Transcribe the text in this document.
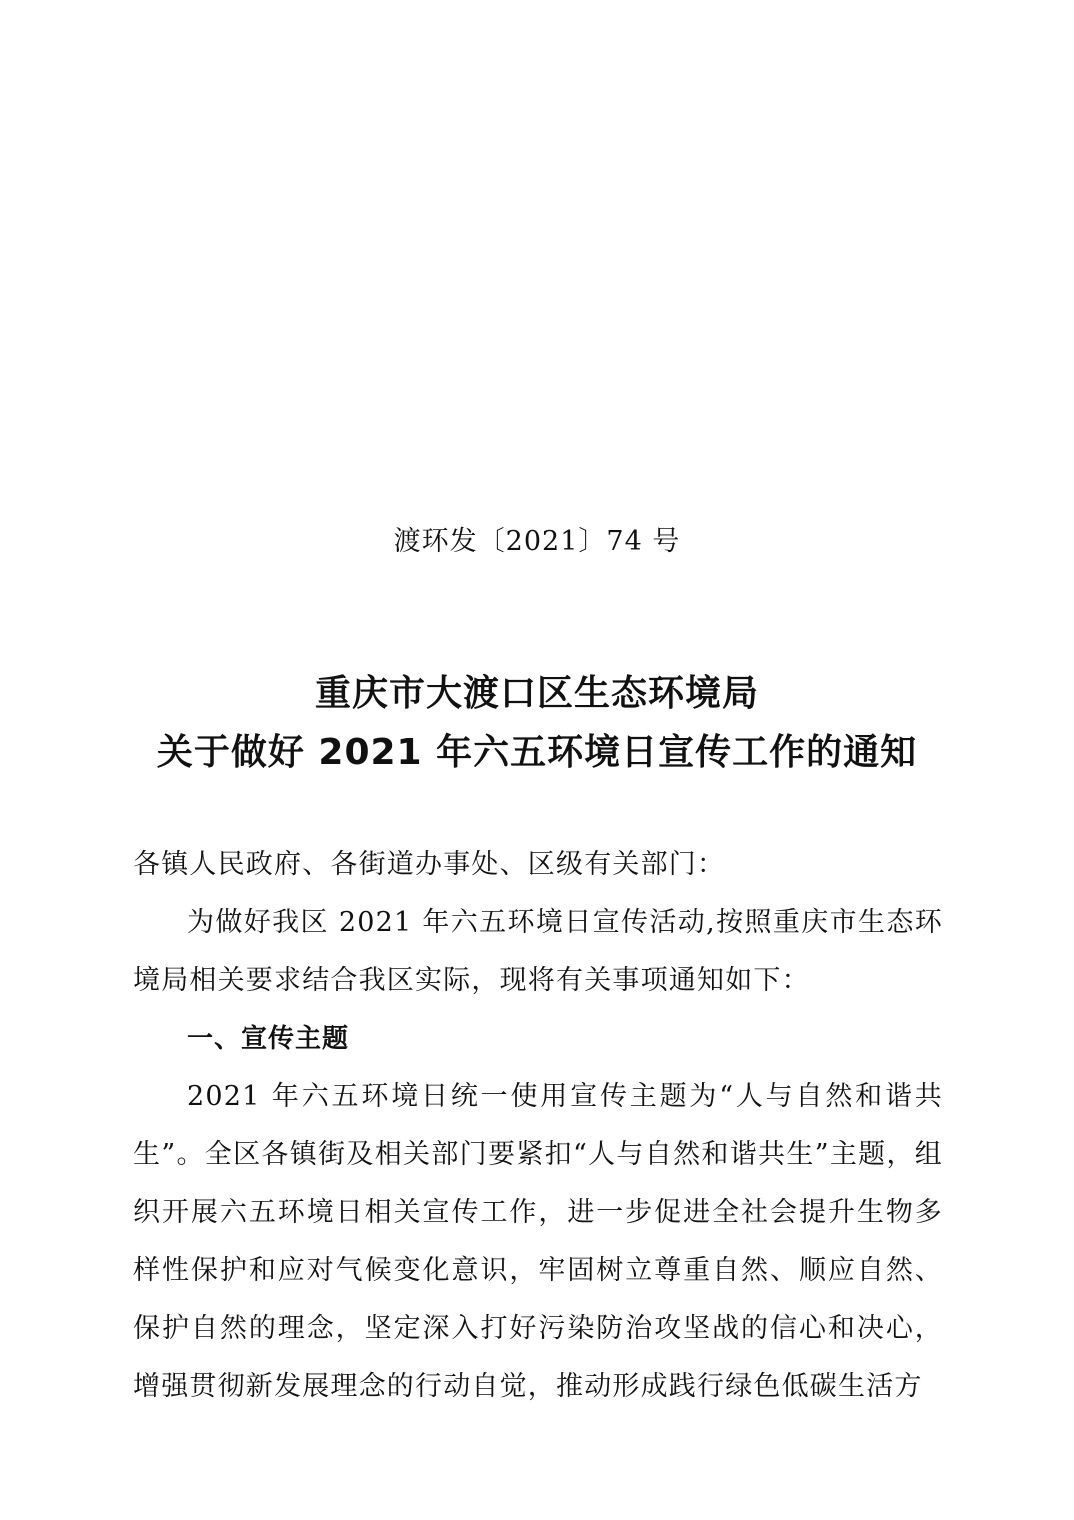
渡环发〔2021〕74 号
重庆市大渡口区生态环境局
关于做好 2021 年六五环境日宣传工作的通知

各镇人民政府、各街道办事处、区级有关部门：

为做好我区 2021 年六五环境日宣传活动,按照重庆市生态环境局相关要求结合我区实际，现将有关事项通知如下：

一、宣传主题

2021 年六五环境日统一使用宣传主题为“人与自然和谐共生”。全区各镇街及相关部门要紧扣“人与自然和谐共生”主题，组织开展六五环境日相关宣传工作，进一步促进全社会提升生物多样性保护和应对气候变化意识，牢固树立尊重自然、顺应自然、保护自然的理念，坚定深入打好污染防治攻坚战的信心和决心，增强贯彻新发展理念的行动自觉，推动形成践行绿色低碳生活方
